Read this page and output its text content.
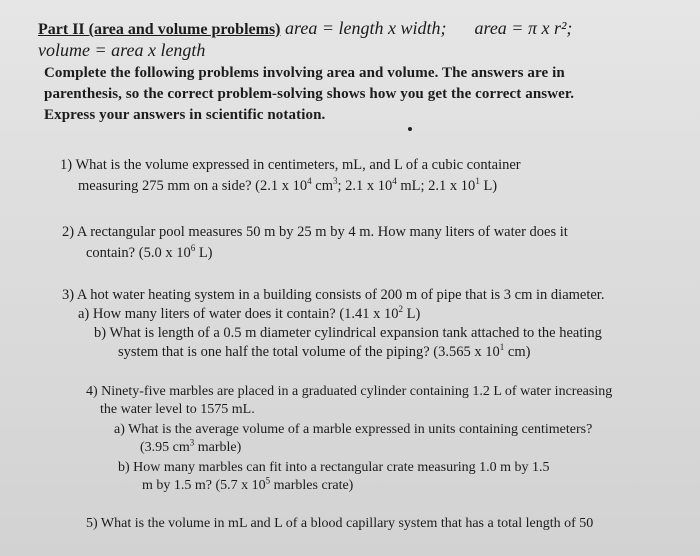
Part II (area and volume problems) area = length x width; area = π x r²;
volume = area x length
Complete the following problems involving area and volume. The answers are in
parenthesis, so the correct problem-solving shows how you get the correct answer.
Express your answers in scientific notation.
1) What is the volume expressed in centimeters, mL, and L of a cubic container
measuring 275 mm on a side? (2.1 x $10^4$ $cm^3$; 2.1 x $10^4$ mL; 2.1 x $10^1$ L)
2) A rectangular pool measures 50 m by 25 m by 4 m. How many liters of water does it
contain? (5.0 x $10^6$ L)
3) A hot water heating system in a building consists of 200 m of pipe that is 3 cm in diameter.
a) How many liters of water does it contain? (1.41 x $10^2$ L)
b) What is length of a 0.5 m diameter cylindrical expansion tank attached to the heating
system that is one half the total volume of the piping? (3.565 x $10^1$ cm)
4) Ninety-five marbles are placed in a graduated cylinder containing 1.2 L of water increasing
the water level to 1575 mL.
a) What is the average volume of a marble expressed in units containing centimeters?
(3.95 $cm^3$ marble)
b) How many marbles can fit into a rectangular crate measuring 1.0 m by 1.5
m by 1.5 m? (5.7 x $10^5$ marbles crate)
5) What is the volume in mL and L of a blood capillary system that has a total length of 50
